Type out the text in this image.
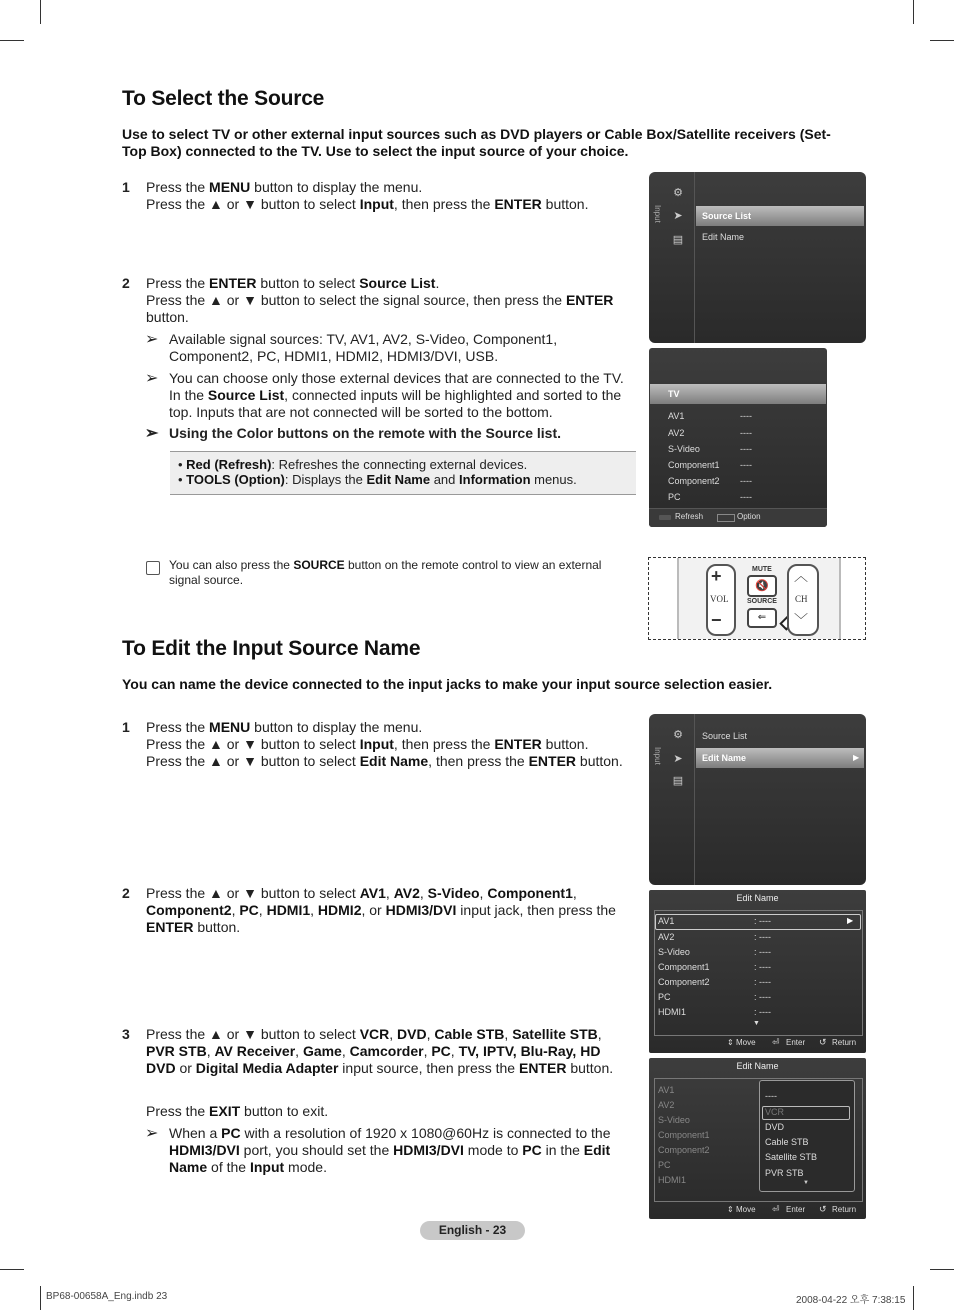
To Select the Source
Use to select TV or other external input sources such as DVD players or Cable Box/Satellite receivers (Set-Top Box) connected to the TV. Use to select the input source of your choice.
1 Press the MENU button to display the menu.
Press the ▲ or ▼ button to select Input, then press the ENTER button.
2 Press the ENTER button to select Source List.
Press the ▲ or ▼ button to select the signal source, then press the ENTER button.
➢ Available signal sources: TV, AV1, AV2, S-Video, Component1, Component2, PC, HDMI1, HDMI2, HDMI3/DVI, USB.
➢ You can choose only those external devices that are connected to the TV. In the Source List, connected inputs will be highlighted and sorted to the top. Inputs that are not connected will be sorted to the bottom.
➢ Using the Color buttons on the remote with the Source list.
• Red (Refresh): Refreshes the connecting external devices.
• TOOLS (Option): Displays the Edit Name and Information menus.
You can also press the SOURCE button on the remote control to view an external signal source.
Input
⚙
➤
▤
Source List
Edit Name
TV
AV1	----
AV2	----
S-Video	----
Component1 ----
Component2 ----
PC	----
Refresh	Option
+
VOL
−
MUTE
🔇
SOURCE
⇐
︿
CH
﹀
To Edit the Input Source Name
You can name the device connected to the input jacks to make your input source selection easier.
1 Press the MENU button to display the menu.
Press the ▲ or ▼ button to select Input, then press the ENTER button.
Press the ▲ or ▼ button to select Edit Name, then press the ENTER button.
2 Press the ▲ or ▼ button to select AV1, AV2, S-Video, Component1, Component2, PC, HDMI1, HDMI2, or HDMI3/DVI input jack, then press the ENTER button.
3 Press the ▲ or ▼ button to select VCR, DVD, Cable STB, Satellite STB, PVR STB, AV Receiver, Game, Camcorder, PC, TV, IPTV, Blu-Ray, HD DVD or Digital Media Adapter input source, then press the ENTER button.
Press the EXIT button to exit.
➢ When a PC with a resolution of 1920 x 1080@60Hz is connected to the HDMI3/DVI port, you should set the HDMI3/DVI mode to PC in the Edit Name of the Input mode.
Input
⚙
➤
▤
Source List
Edit Name	▶
Edit Name
▶
AV1	: ----
AV2	: ----
S-Video	: ----
Component1	: ----
Component2	: ----
PC	: ----
HDMI1	: ----
▼
⇕ Move ⏎ Enter ↺ Return
Edit Name
AV1
AV2
S-Video
Component1
Component2
PC
HDMI1
----
VCR
DVD
Cable STB
Satellite STB
PVR STB
▼
⇕ Move ⏎ Enter ↺ Return
English - 23
BP68-00658A_Eng.indb 23	2008-04-22 오후 7:38:15
